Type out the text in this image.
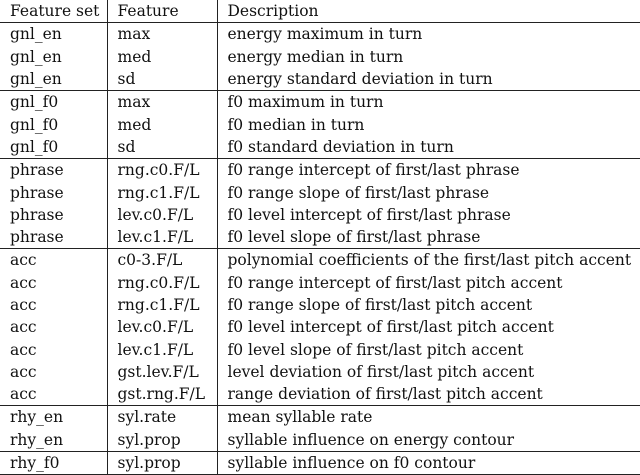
Feature set	Feature	Description
gnl_en	max	energy maximum in turn
gnl_en	med	energy median in turn
gnl_en	sd	energy standard deviation in turn
gnl_f0	max	f0 maximum in turn
gnl_f0	med	f0 median in turn
gnl_f0	sd	f0 standard deviation in turn
phrase	rng.c0.F/L	f0 range intercept of first/last phrase
phrase	rng.c1.F/L	f0 range slope of first/last phrase
phrase	lev.c0.F/L	f0 level intercept of first/last phrase
phrase	lev.c1.F/L	f0 level slope of first/last phrase
acc	c0-3.F/L	polynomial coefficients of the first/last pitch accent
acc	rng.c0.F/L	f0 range intercept of first/last pitch accent
acc	rng.c1.F/L	f0 range slope of first/last pitch accent
acc	lev.c0.F/L	f0 level intercept of first/last pitch accent
acc	lev.c1.F/L	f0 level slope of first/last pitch accent
acc	gst.lev.F/L	level deviation of first/last pitch accent
acc	gst.rng.F/L	range deviation of first/last pitch accent
rhy_en	syl.rate	mean syllable rate
rhy_en	syl.prop	syllable influence on energy contour
rhy_f0	syl.prop	syllable influence on f0 contour
